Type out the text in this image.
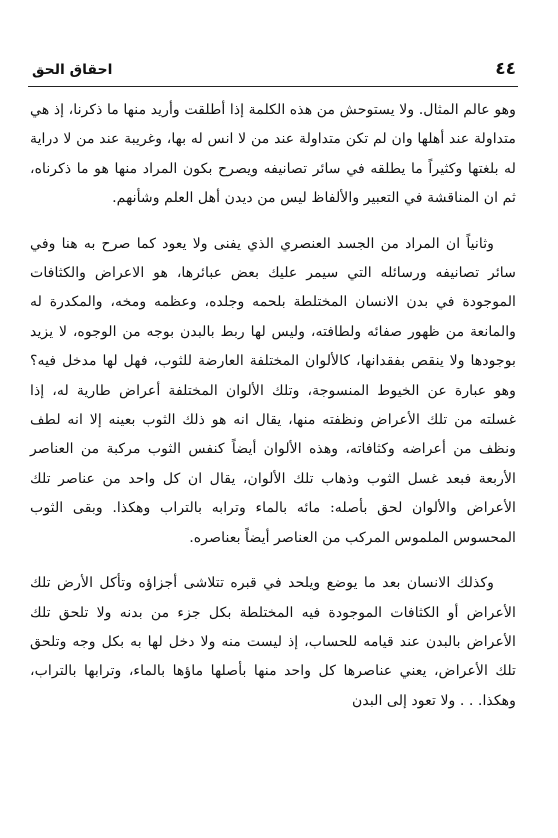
احقاق الحق	٤٤

وهو عالم المثال. ولا يستوحش من هذه الكلمة إذا أطلقت وأريد منها ما ذكرنا، إذ هي متداولة عند أهلها وان لم تكن متداولة عند من لا انس له بها، وغريبة عند من لا دراية له بلغتها وكثيراً ما يطلقه في سائر تصانيفه ويصرح بكون المراد منها هو ما ذكرناه، ثم ان المناقشة في التعبير والألفاظ ليس من ديدن أهل العلم وشأنهم.

وثانياً ان المراد من الجسد العنصري الذي يفنى ولا يعود كما صرح به هنا وفي سائر تصانيفه ورسائله التي سيمر عليك بعض عبائرها، هو الاعراض والكثافات الموجودة في بدن الانسان المختلطة بلحمه وجلده، وعظمه ومخه، والمكدرة له والمانعة من ظهور صفائه ولطافته، وليس لها ربط بالبدن بوجه من الوجوه، لا يزيد بوجودها ولا ينقص بفقدانها، كالألوان المختلفة العارضة للثوب، فهل لها مدخل فيه؟ وهو عبارة عن الخيوط المنسوجة، وتلك الألوان المختلفة أعراض طارية له، إذا غسلته من تلك الأعراض ونظفته منها، يقال انه هو ذلك الثوب بعينه إلا انه لطف ونظف من أعراضه وكثافاته، وهذه الألوان أيضاً كنفس الثوب مركبة من العناصر الأربعة فبعد غسل الثوب وذهاب تلك الألوان، يقال ان كل واحد من عناصر تلك الأعراض والألوان لحق بأصله: مائه بالماء وترابه بالتراب وهكذا. وبقى الثوب المحسوس الملموس المركب من العناصر أيضاً بعناصره.

وكذلك الانسان بعد ما يوضع ويلحد في قبره تتلاشى أجزاؤه وتأكل الأرض تلك الأعراض أو الكثافات الموجودة فيه المختلطة بكل جزء من بدنه ولا تلحق تلك الأعراض بالبدن عند قيامه للحساب، إذ ليست منه ولا دخل لها به بكل وجه وتلحق تلك الأعراض، يعني عناصرها كل واحد منها بأصلها ماؤها بالماء، وترابها بالتراب، وهكذا. . . ولا تعود إلى البدن
